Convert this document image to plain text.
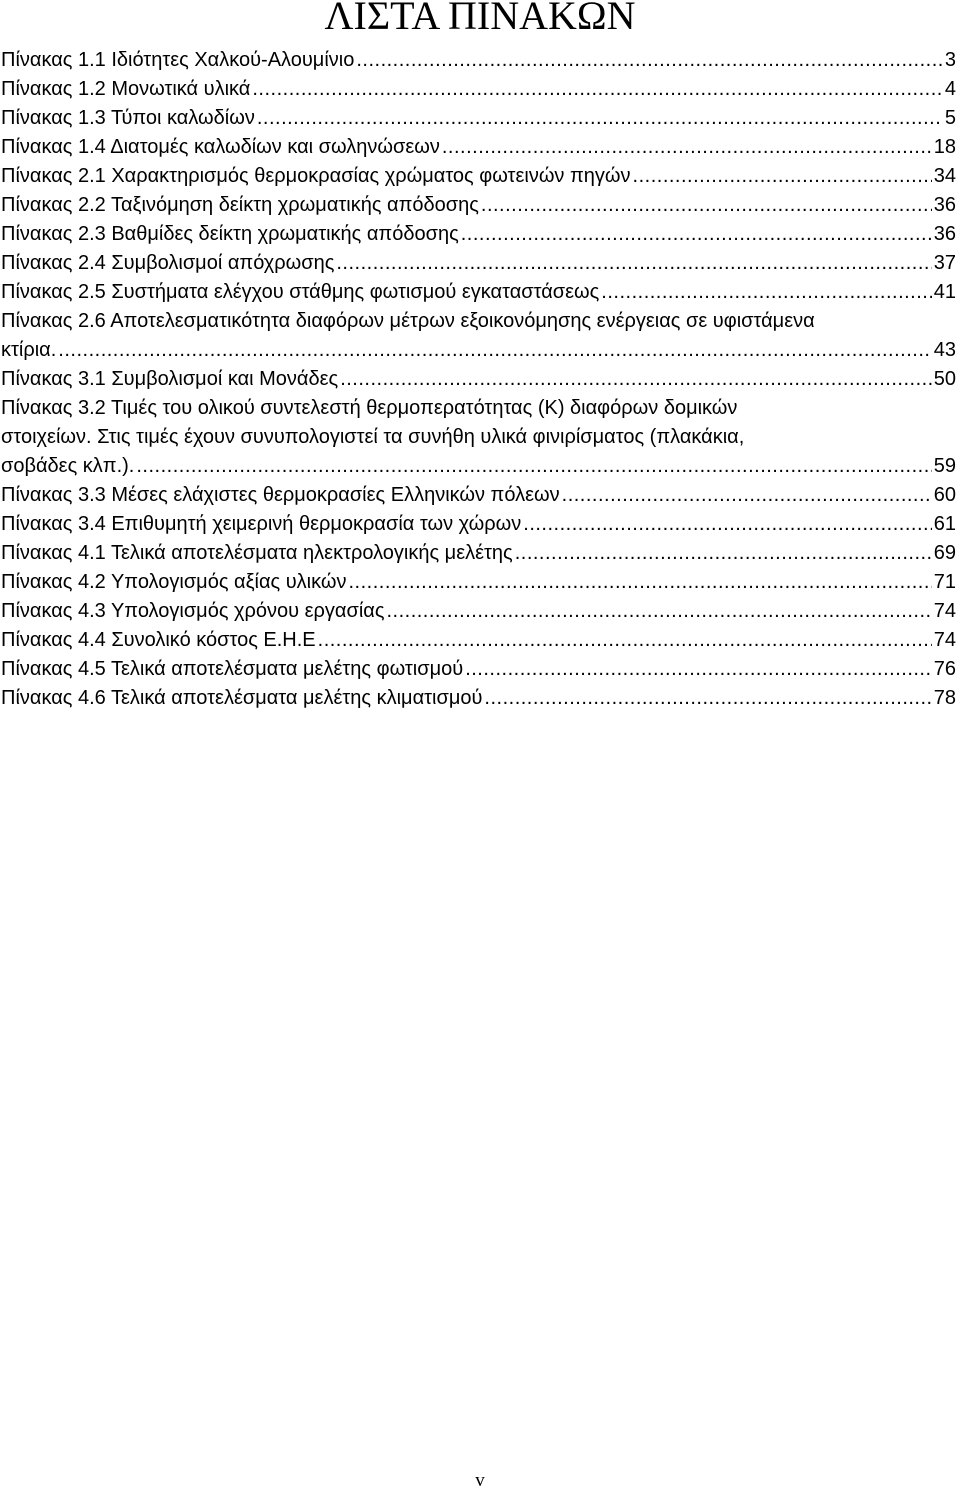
ΛΙΣΤΑ ΠΙΝΑΚΩΝ
Πίνακας 1.1 Ιδιότητες Χαλκού-Αλουμίνιο .....	3
Πίνακας 1.2 Μονωτικά υλικά .....	4
Πίνακας 1.3 Τύποι καλωδίων .....	5
Πίνακας 1.4 Διατομές καλωδίων και σωληνώσεων .....	18
Πίνακας 2.1 Χαρακτηρισμός θερμοκρασίας χρώματος φωτεινών πηγών .....	34
Πίνακας 2.2 Ταξινόμηση δείκτη χρωματικής απόδοσης .....	36
Πίνακας 2.3 Βαθμίδες δείκτη χρωματικής απόδοσης .....	36
Πίνακας 2.4 Συμβολισμοί απόχρωσης .....	37
Πίνακας 2.5 Συστήματα ελέγχου στάθμης φωτισμού εγκαταστάσεως .....	41
Πίνακας 2.6 Αποτελεσματικότητα διαφόρων μέτρων εξοικονόμησης ενέργειας σε υφιστάμενα
κτίρια. .....	43
Πίνακας 3.1 Συμβολισμοί και Μονάδες .....	50
Πίνακας 3.2 Τιμές του ολικού συντελεστή θερμοπερατότητας (Κ) διαφόρων δομικών
στοιχείων. Στις τιμές έχουν συνυπολογιστεί τα συνήθη υλικά φινιρίσματος (πλακάκια,
σοβάδες κλπ.). .....	59
Πίνακας 3.3 Μέσες ελάχιστες θερμοκρασίες Ελληνικών πόλεων .....	60
Πίνακας 3.4 Επιθυμητή χειμερινή θερμοκρασία των χώρων .....	61
Πίνακας 4.1 Τελικά αποτελέσματα ηλεκτρολογικής μελέτης .....	69
Πίνακας 4.2 Υπολογισμός αξίας υλικών .....	71
Πίνακας 4.3 Υπολογισμός χρόνου εργασίας .....	74
Πίνακας 4.4 Συνολικό κόστος Ε.Η.Ε .....	74
Πίνακας 4.5 Τελικά αποτελέσματα μελέτης φωτισμού .....	76
Πίνακας 4.6 Τελικά αποτελέσματα μελέτης κλιματισμού .....	78
v
